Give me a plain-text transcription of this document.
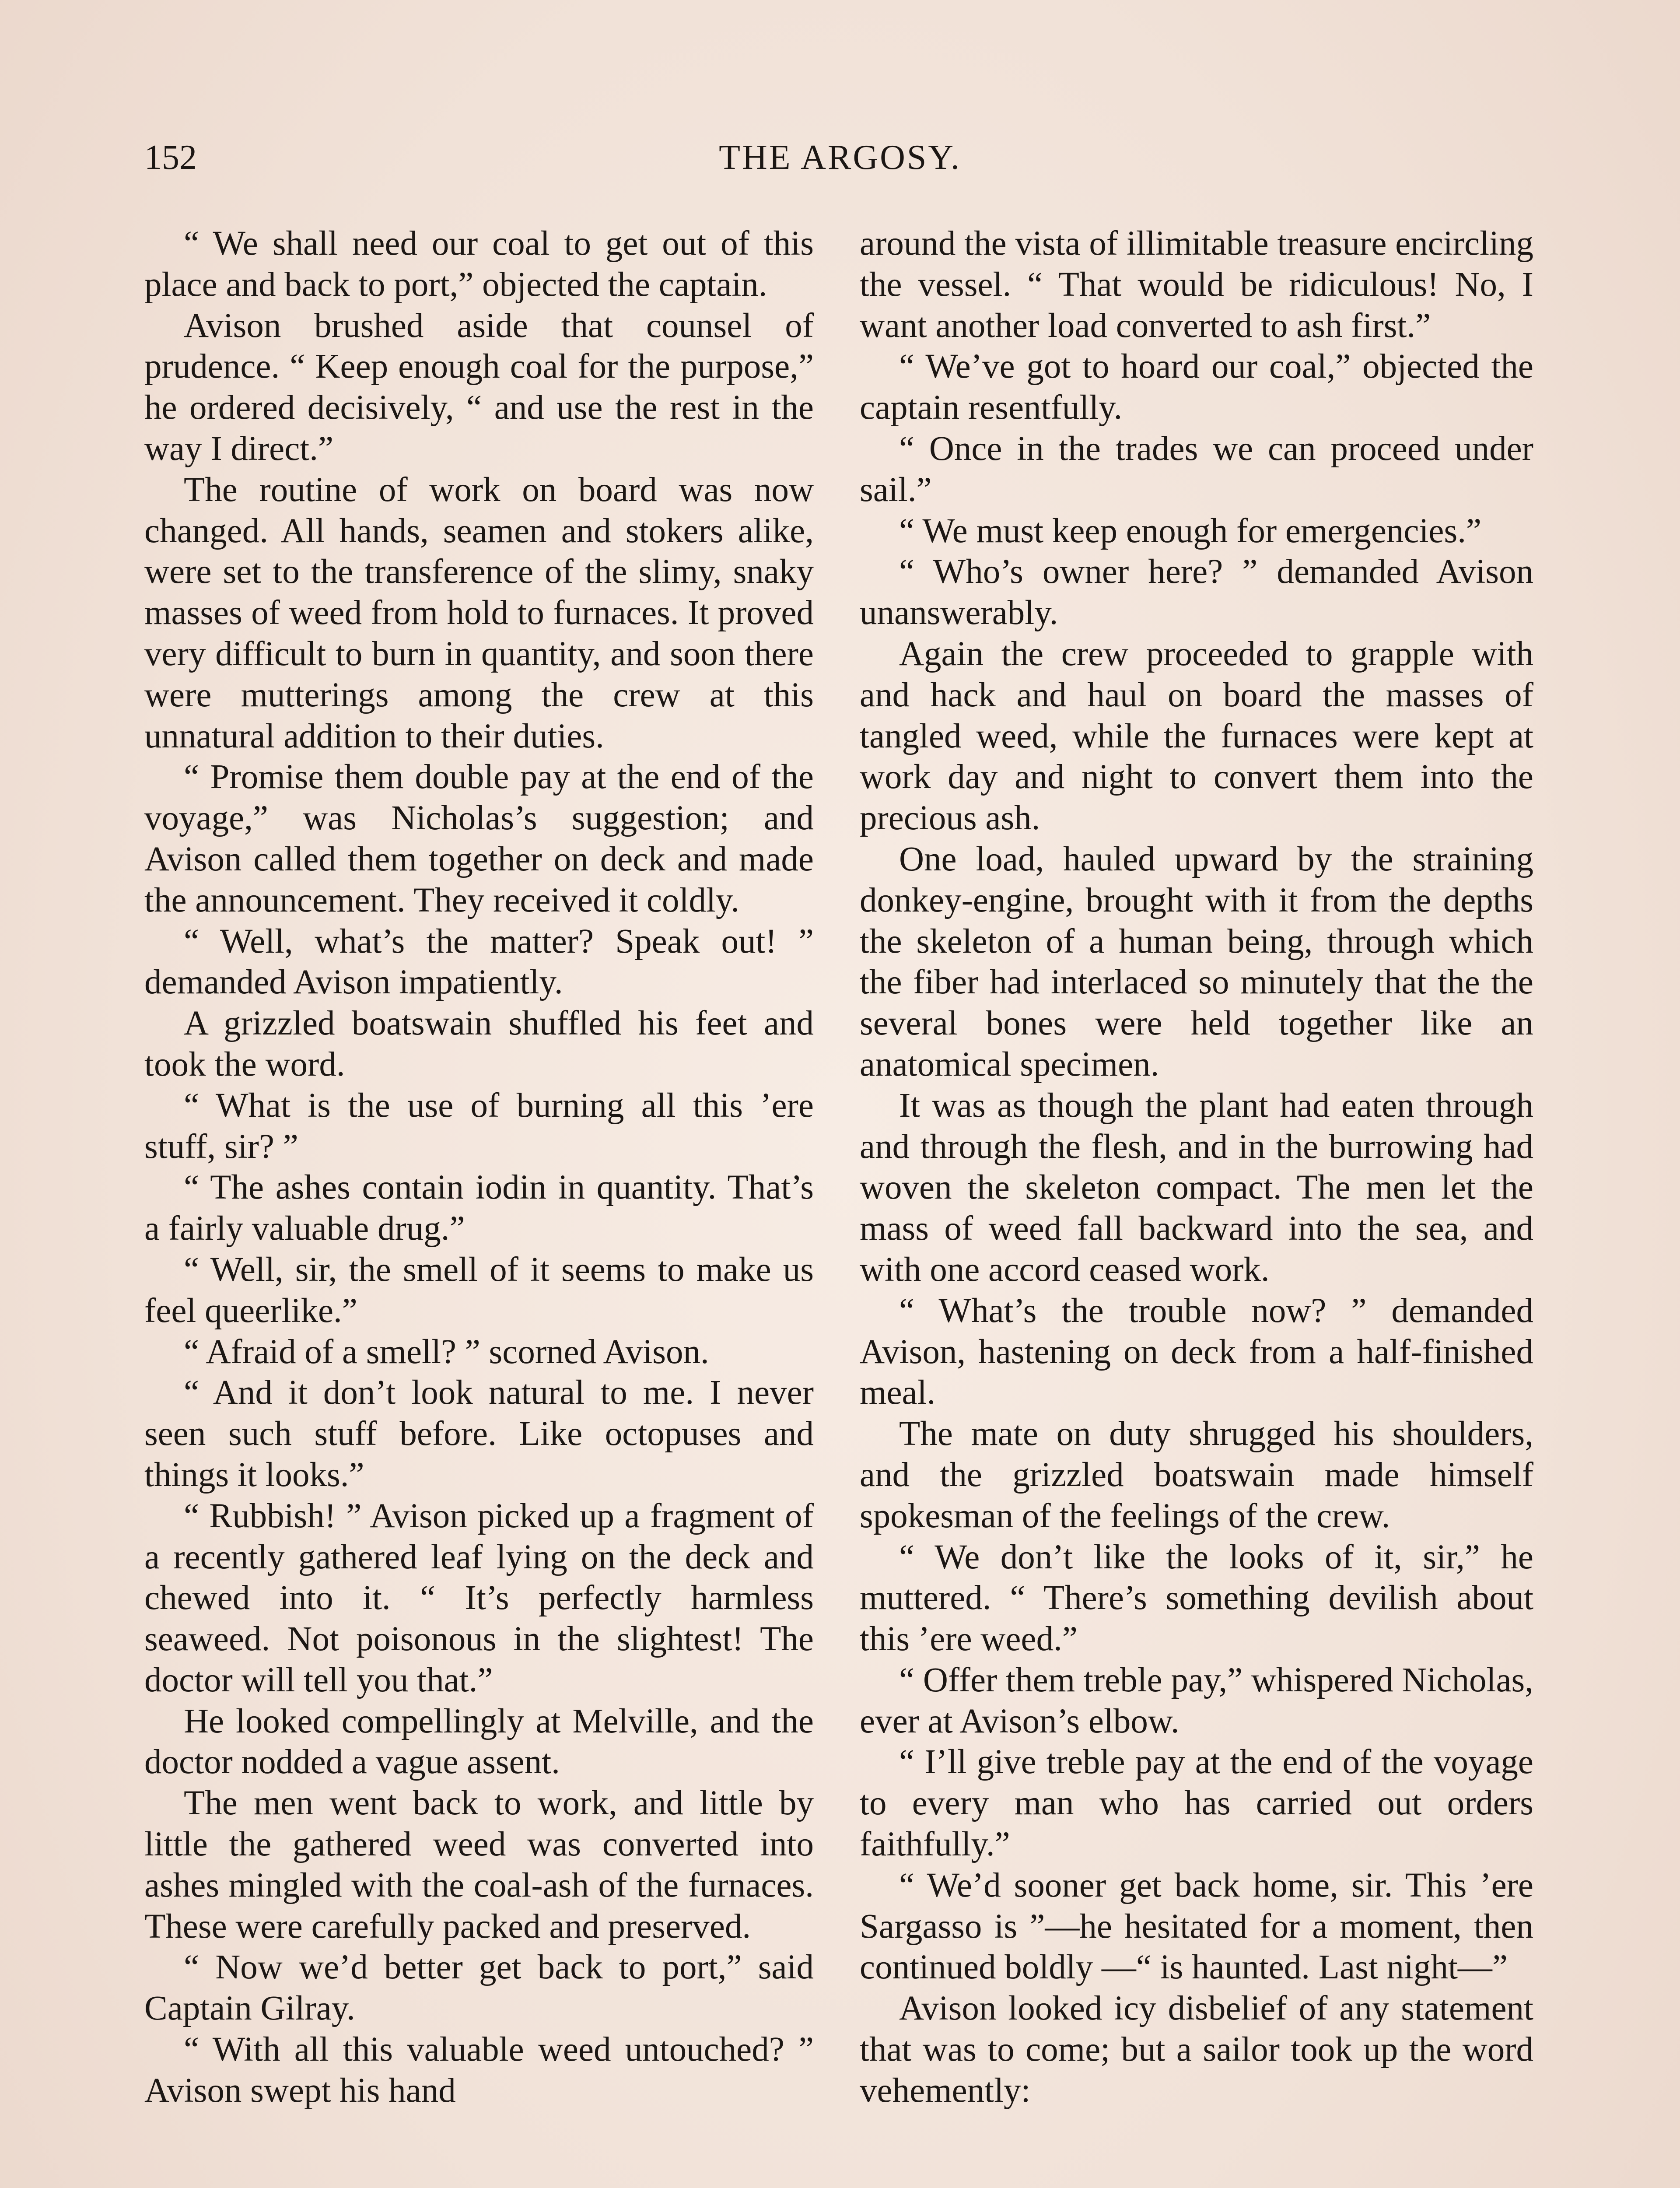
152	THE ARGOSY.

“ We shall need our coal to get out of this place and back to port,” objected the captain.

Avison brushed aside that counsel of prudence. “ Keep enough coal for the purpose,” he ordered decisively, “ and use the rest in the way I direct.”

The routine of work on board was now changed. All hands, seamen and stokers alike, were set to the transference of the slimy, snaky masses of weed from hold to furnaces. It proved very difficult to burn in quantity, and soon there were mutterings among the crew at this unnatural addition to their duties.

“ Promise them double pay at the end of the voyage,” was Nicholas’s suggestion; and Avison called them together on deck and made the announcement. They received it coldly.

“ Well, what’s the matter? Speak out! ” demanded Avison impatiently.

A grizzled boatswain shuffled his feet and took the word.

“ What is the use of burning all this ’ere stuff, sir? ”

“ The ashes contain iodin in quantity. That’s a fairly valuable drug.”

“ Well, sir, the smell of it seems to make us feel queerlike.”

“ Afraid of a smell? ” scorned Avison.

“ And it don’t look natural to me. I never seen such stuff before. Like octopuses and things it looks.”

“ Rubbish! ” Avison picked up a fragment of a recently gathered leaf lying on the deck and chewed into it. “ It’s perfectly harmless seaweed. Not poisonous in the slightest! The doctor will tell you that.”

He looked compellingly at Melville, and the doctor nodded a vague assent.

The men went back to work, and little by little the gathered weed was converted into ashes mingled with the coal-ash of the furnaces. These were carefully packed and preserved.

“ Now we’d better get back to port,” said Captain Gilray.

“ With all this valuable weed untouched? ” Avison swept his hand

around the vista of illimitable treasure encircling the vessel. “ That would be ridiculous! No, I want another load converted to ash first.”

“ We’ve got to hoard our coal,” objected the captain resentfully.

“ Once in the trades we can proceed under sail.”

“ We must keep enough for emergencies.”

“ Who’s owner here? ” demanded Avison unanswerably.

Again the crew proceeded to grapple with and hack and haul on board the masses of tangled weed, while the furnaces were kept at work day and night to convert them into the precious ash.

One load, hauled upward by the straining donkey-engine, brought with it from the depths the skeleton of a human being, through which the fiber had interlaced so minutely that the the several bones were held together like an anatomical specimen.

It was as though the plant had eaten through and through the flesh, and in the burrowing had woven the skeleton compact. The men let the mass of weed fall backward into the sea, and with one accord ceased work.

“ What’s the trouble now? ” demanded Avison, hastening on deck from a half-finished meal.

The mate on duty shrugged his shoulders, and the grizzled boatswain made himself spokesman of the feelings of the crew.

“ We don’t like the looks of it, sir,” he muttered. “ There’s something devilish about this ’ere weed.”

“ Offer them treble pay,” whispered Nicholas, ever at Avison’s elbow.

“ I’ll give treble pay at the end of the voyage to every man who has carried out orders faithfully.”

“ We’d sooner get back home, sir. This ’ere Sargasso is ”—he hesitated for a moment, then continued boldly —“ is haunted. Last night—”

Avison looked icy disbelief of any statement that was to come; but a sailor took up the word vehemently:
